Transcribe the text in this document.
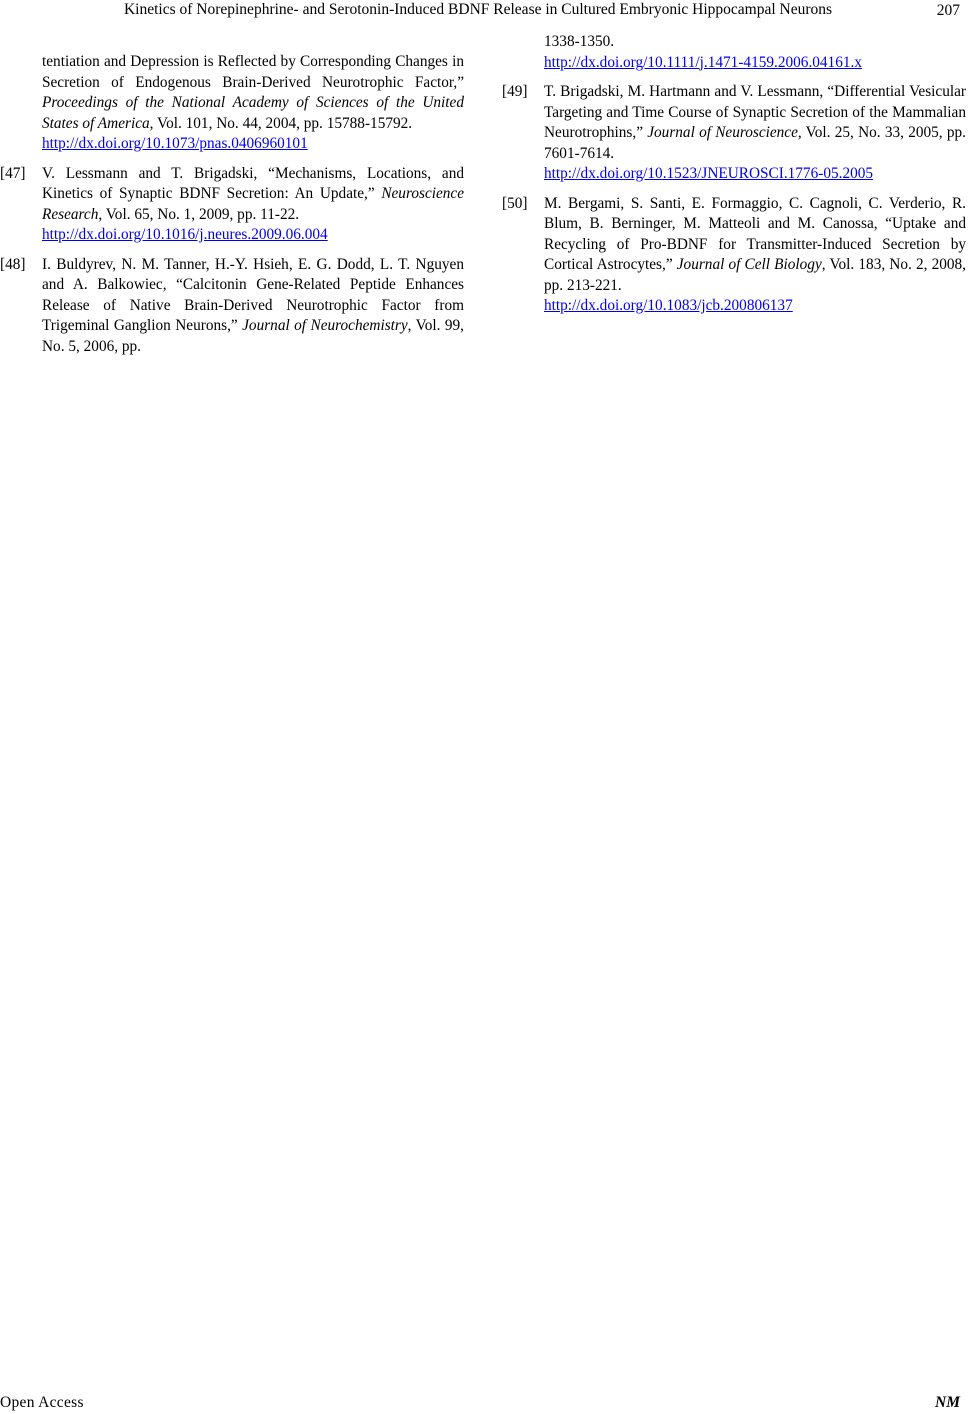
Kinetics of Norepinephrine- and Serotonin-Induced BDNF Release in Cultured Embryonic Hippocampal Neurons	207
tentiation and Depression is Reflected by Corresponding Changes in Secretion of Endogenous Brain-Derived Neurotrophic Factor,” Proceedings of the National Academy of Sciences of the United States of America, Vol. 101, No. 44, 2004, pp. 15788-15792.
http://dx.doi.org/10.1073/pnas.0406960101
[47] V. Lessmann and T. Brigadski, “Mechanisms, Locations, and Kinetics of Synaptic BDNF Secretion: An Update,” Neuroscience Research, Vol. 65, No. 1, 2009, pp. 11-22.
http://dx.doi.org/10.1016/j.neures.2009.06.004
[48] I. Buldyrev, N. M. Tanner, H.-Y. Hsieh, E. G. Dodd, L. T. Nguyen and A. Balkowiec, “Calcitonin Gene-Related Peptide Enhances Release of Native Brain-Derived Neurotrophic Factor from Trigeminal Ganglion Neurons,” Journal of Neurochemistry, Vol. 99, No. 5, 2006, pp.
1338-1350.
http://dx.doi.org/10.1111/j.1471-4159.2006.04161.x
[49] T. Brigadski, M. Hartmann and V. Lessmann, “Differential Vesicular Targeting and Time Course of Synaptic Secretion of the Mammalian Neurotrophins,” Journal of Neuroscience, Vol. 25, No. 33, 2005, pp. 7601-7614.
http://dx.doi.org/10.1523/JNEUROSCI.1776-05.2005
[50] M. Bergami, S. Santi, E. Formaggio, C. Cagnoli, C. Verderio, R. Blum, B. Berninger, M. Matteoli and M. Canossa, “Uptake and Recycling of Pro-BDNF for Transmitter-Induced Secretion by Cortical Astrocytes,” Journal of Cell Biology, Vol. 183, No. 2, 2008, pp. 213-221.
http://dx.doi.org/10.1083/jcb.200806137
Open Access	NM
